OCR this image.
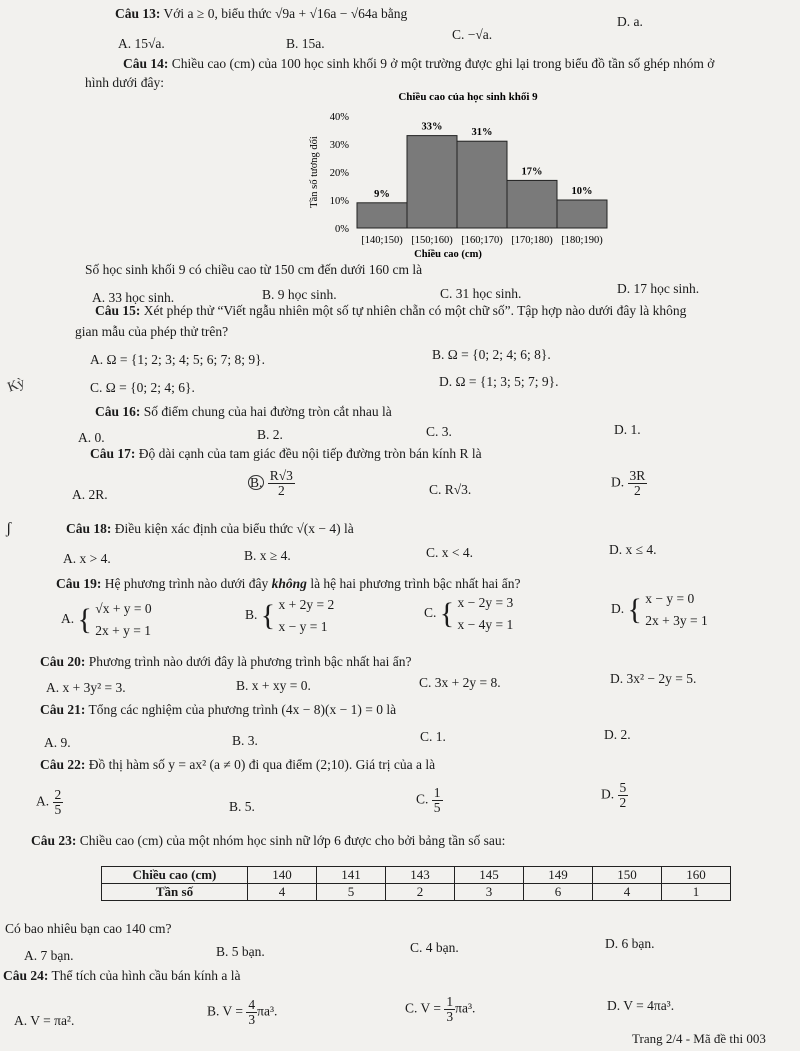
Câu 13: Với a ≥ 0, biểu thức √9a + √16a − √64a bằng
A. 15√a.	B. 15a.
C. −√a.
D. a.
Câu 14: Chiều cao (cm) của 100 học sinh khối 9 ở một trường được ghi lại trong biểu đồ tần số ghép nhóm ở
hình dưới đây:
Chiều cao của học sinh khối 9
Tần số tương đối
Chiều cao (cm)
0%
10%
20%
30%
40%
9%
[140;150)
33%
[150;160)
31%
[160;170)
17%
[170;180)
10%
[180;190)
Số học sinh khối 9 có chiều cao từ 150 cm đến dưới 160 cm là
A. 33 học sinh.	B. 9 học sinh.	C. 31 học sinh.	D. 17 học sinh.
Câu 15: Xét phép thử “Viết ngẫu nhiên một số tự nhiên chẵn có một chữ số”. Tập hợp nào dưới đây là không
gian mẫu của phép thử trên?
A. Ω = {1; 2; 3; 4; 5; 6; 7; 8; 9}.	B. Ω = {0; 2; 4; 6; 8}.
C. Ω = {0; 2; 4; 6}.	D. Ω = {1; 3; 5; 7; 9}.
Kỳ
Câu 16: Số điểm chung của hai đường tròn cắt nhau là
A. 0.	B. 2.	C. 3.	D. 1.
Câu 17: Độ dài cạnh của tam giác đều nội tiếp đường tròn bán kính R là
A. 2R.
B. $\frac{R√3}{2}$	C. R√3.	D. $\frac{3R}{2}$
ʃ	Câu 18: Điều kiện xác định của biểu thức √(x − 4) là
A. x > 4.	B. x ≥ 4.	C. x < 4.	D. x ≤ 4.
Câu 19: Hệ phương trình nào dưới đây không là hệ hai phương trình bậc nhất hai ẩn?
A. { √x + y = 0
2x + y = 1
B. { x + 2y = 2
x − y = 1
C. { x − 2y = 3
x − 4y = 1
D. { x − y = 0
2x + 3y = 1
Câu 20: Phương trình nào dưới đây là phương trình bậc nhất hai ẩn?
A. x + 3y² = 3.	B. x + xy = 0.	C. 3x + 2y = 8.	D. 3x² − 2y = 5.
Câu 21: Tổng các nghiệm của phương trình (4x − 8)(x − 1) = 0 là
A. 9.	B. 3.	C. 1.	D. 2.
Câu 22: Đồ thị hàm số y = ax² (a ≠ 0) đi qua điểm (2;10). Giá trị của a là
A. $\frac{2}{5}$	B. 5.	C. $\frac{1}{5}$	D. $\frac{5}{2}$
Câu 23: Chiều cao (cm) của một nhóm học sinh nữ lớp 6 được cho bởi bảng tần số sau:
Chiều cao (cm)	140	141	143	145	149	150	160
Tần số	4	5	2	3	6	4	1
Có bao nhiêu bạn cao 140 cm?
A. 7 bạn.	B. 5 bạn.	C. 4 bạn.	D. 6 bạn.
Câu 24: Thể tích của hình cầu bán kính a là
A. V = πa².
B. $V = \frac{4}{3} \pi a^3$.	C. $V = \frac{1}{3} \pi a^3$.	D. V = 4πa³.
Trang 2/4 - Mã đề thi 003
